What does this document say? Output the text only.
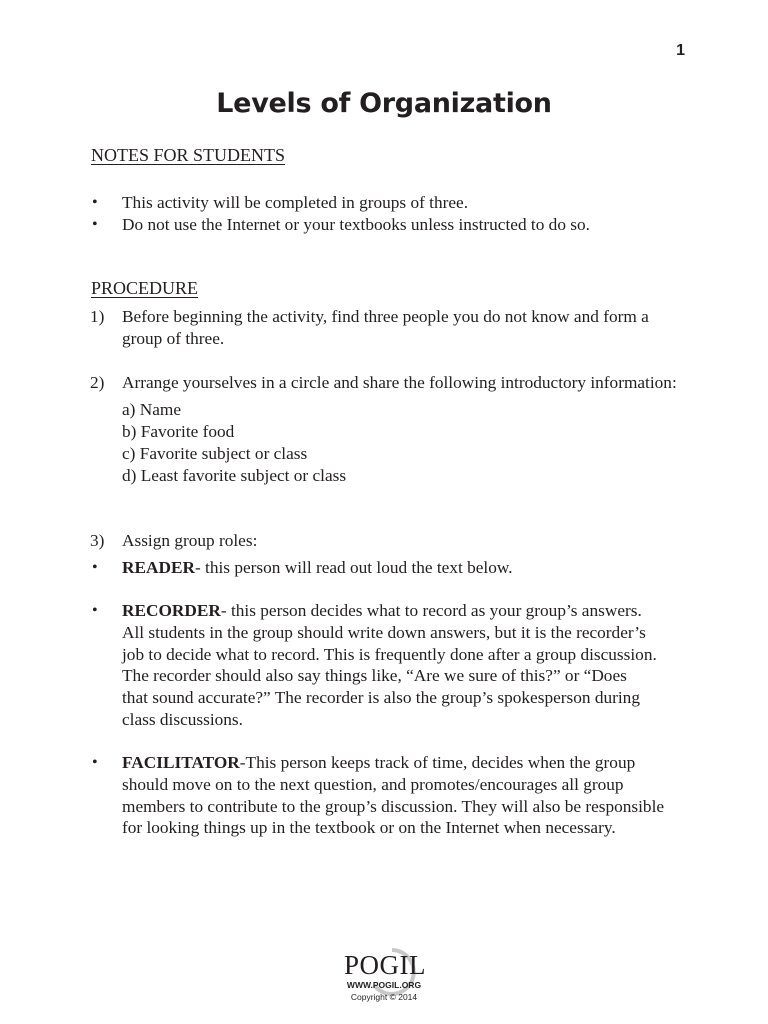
1
Levels of Organization
NOTES FOR STUDENTS
• This activity will be completed in groups of three.
• Do not use the Internet or your textbooks unless instructed to do so.
PROCEDURE
1) Before beginning the activity, find three people you do not know and form a
group of three.
2) Arrange yourselves in a circle and share the following introductory information:
a) Name
b) Favorite food
c) Favorite subject or class
d) Least favorite subject or class
3) Assign group roles:
• READER- this person will read out loud the text below.
• RECORDER- this person decides what to record as your group’s answers.
All students in the group should write down answers, but it is the recorder’s
job to decide what to record. This is frequently done after a group discussion.
The recorder should also say things like, “Are we sure of this?” or “Does
that sound accurate?” The recorder is also the group’s spokesperson during
class discussions.
• FACILITATOR-This person keeps track of time, decides when the group
should move on to the next question, and promotes/encourages all group
members to contribute to the group’s discussion. They will also be responsible
for looking things up in the textbook or on the Internet when necessary.
POGIL
WWW.POGIL.ORG
Copyright © 2014
